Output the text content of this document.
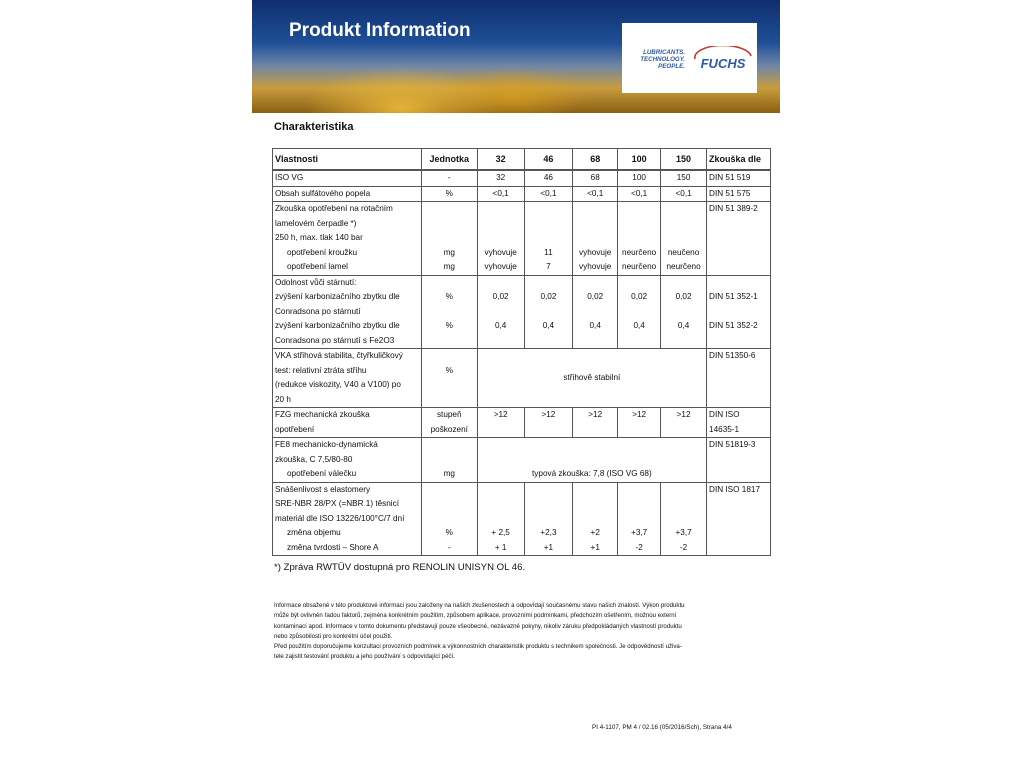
Produkt Information
LUBRICANTS.
TECHNOLOGY.
PEOPLE. FUCHS
Charakteristika
Vlastnosti	Jednotka	32	46	68	100	150	Zkouška dle
ISO VG	-	32	46	68	100	150	DIN 51 519
Obsah sulfátového popela	%	<0,1	<0,1	<0,1	<0,1	<0,1	DIN 51 575
Zkouška opotřebení na rotačním							DIN 51 389-2
lamelovém čerpadle *)							
250 h, max. tlak 140 bar							
opotřebení kroužku	mg	vyhovuje	11	vyhovuje	neurčeno	neučeno	
opotřebení lamel	mg	vyhovuje	7	vyhovuje	neurčeno	neurčeno	
Odolnost vůči stárnutí:							
zvýšení karbonizačního zbytku dle	%	0,02	0,02	0,02	0,02	0,02	DIN 51 352-1
Conradsona po stárnutí							
zvýšení karbonizačního zbytku dle	%	0,4	0,4	0,4	0,4	0,4	DIN 51 352-2
Conradsona po stárnutí s Fe2O3							
VKA střihová stabilita, čtyřkuličkový		střihově stabilní					DIN 51350-6
test: relativní ztráta střihu	%						
(redukce viskozity, V40 a V100) po							
20 h							
FZG mechanická zkouška	stupeň	>12	>12	>12	>12	>12	DIN ISO
opotřebení	poškození						14635-1
FE8 mechanicko-dynamická		typová zkouška: 7,8 (ISO VG 68)					DIN 51819-3
zkouška, C 7,5/80-80							
opotřebení válečku	mg						
Snášenlivost s elastomery							DIN ISO 1817
SRE-NBR 28/PX (=NBR 1) těsnicí							
materiál dle ISO 13226/100°C/7 dní							
změna objemu	%	+ 2,5	+2,3	+2	+3,7	+3,7	
změna tvrdosti – Shore A	-	+ 1	+1	+1	-2	-2	
*) Zpráva RWTÜV dostupná pro RENOLIN UNISYN OL 46.
Informace obsažené v této produktové informaci jsou založeny na našich zkušenostech a odpovídají současnému stavu našich znalostí. Výkon produktu
může být ovlivněn řadou faktorů, zejména konkrétním použitím, způsobem aplikace, provozními podmínkami, předchozím ošetřením, možnou externí
kontaminací apod. Informace v tomto dokumentu představují pouze všeobecné, nezávazné pokyny, nikoliv záruku předpokládaných vlastností produktu
nebo způsobilosti pro konkrétní účel použití.
Před použitím doporučujeme konzultaci provozních podmínek a výkonnostních charakteristik produktu s technikem společnosti. Je odpovědností uživa-
tele zajistit testování produktu a jeho používání s odpovídající péčí.
PI 4-1107, PM 4 / 02.16 (05/2016/Sch), Strana 4/4
